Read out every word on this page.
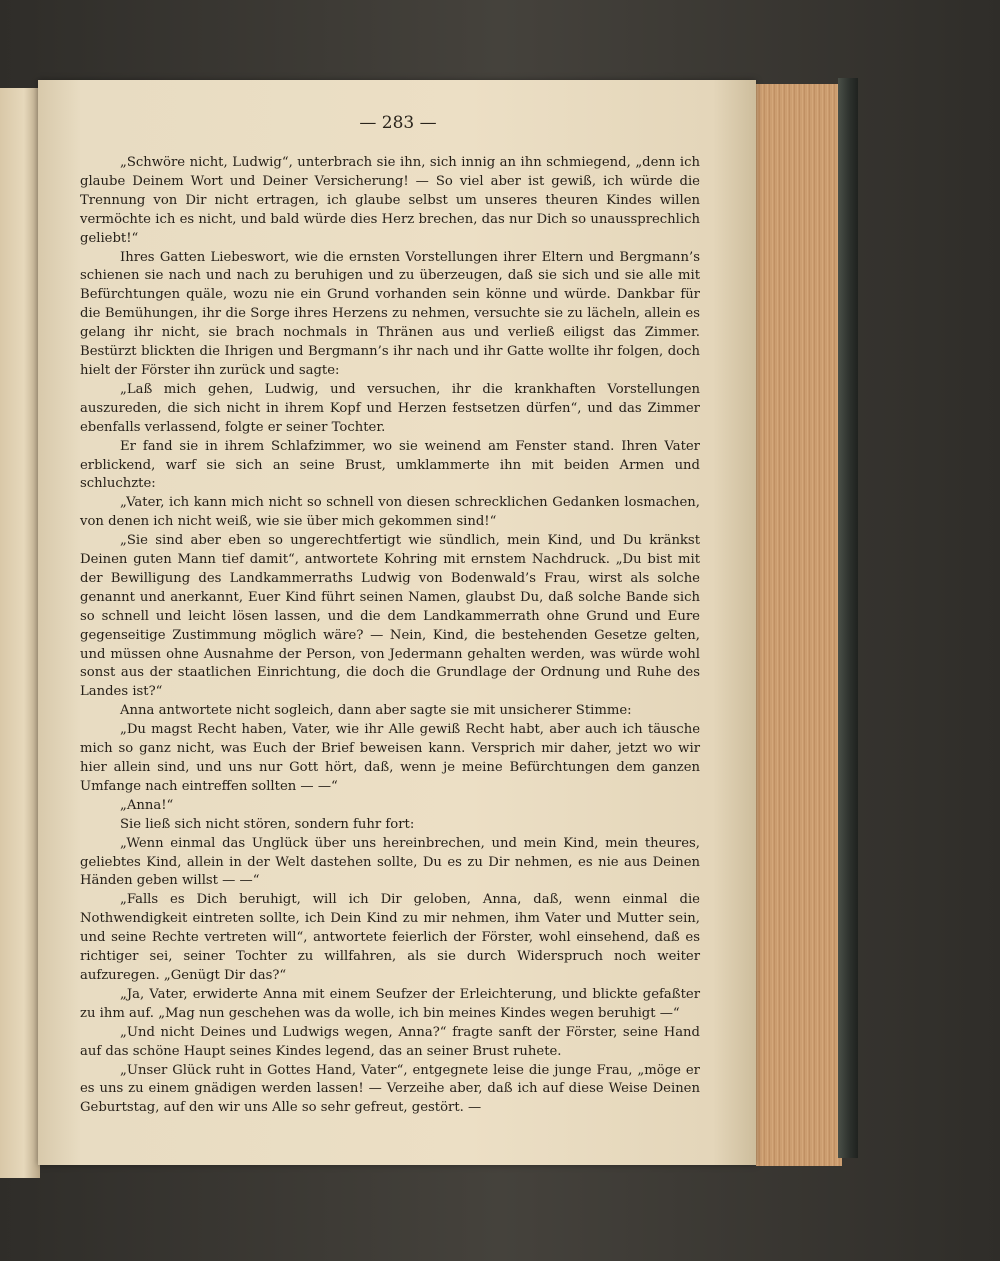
— 283 —

„Schwöre nicht, Ludwig“, unterbrach sie ihn, sich innig an ihn schmiegend, „denn ich glaube Deinem Wort und Deiner Versicherung! — So viel aber ist gewiß, ich würde die Trennung von Dir nicht ertragen, ich glaube selbst um unseres theuren Kindes willen vermöchte ich es nicht, und bald würde dies Herz brechen, das nur Dich so unaussprechlich geliebt!“

Ihres Gatten Liebeswort, wie die ernsten Vorstellungen ihrer Eltern und Bergmann’s schienen sie nach und nach zu beruhigen und zu überzeugen, daß sie sich und sie alle mit Befürchtungen quäle, wozu nie ein Grund vorhanden sein könne und würde. Dankbar für die Bemühungen, ihr die Sorge ihres Herzens zu nehmen, versuchte sie zu lächeln, allein es gelang ihr nicht, sie brach nochmals in Thränen aus und verließ eiligst das Zimmer. Bestürzt blickten die Ihrigen und Bergmann’s ihr nach und ihr Gatte wollte ihr folgen, doch hielt der Förster ihn zurück und sagte:

„Laß mich gehen, Ludwig, und versuchen, ihr die krankhaften Vorstellungen auszureden, die sich nicht in ihrem Kopf und Herzen festsetzen dürfen“, und das Zimmer ebenfalls verlassend, folgte er seiner Tochter.

Er fand sie in ihrem Schlafzimmer, wo sie weinend am Fenster stand. Ihren Vater erblickend, warf sie sich an seine Brust, umklammerte ihn mit beiden Armen und schluchzte:

„Vater, ich kann mich nicht so schnell von diesen schrecklichen Gedanken losmachen, von denen ich nicht weiß, wie sie über mich gekommen sind!“

„Sie sind aber eben so ungerechtfertigt wie sündlich, mein Kind, und Du kränkst Deinen guten Mann tief damit“, antwortete Kohring mit ernstem Nachdruck. „Du bist mit der Bewilligung des Landkammerraths Ludwig von Bodenwald’s Frau, wirst als solche genannt und anerkannt, Euer Kind führt seinen Namen, glaubst Du, daß solche Bande sich so schnell und leicht lösen lassen, und die dem Landkammerrath ohne Grund und Eure gegenseitige Zustimmung möglich wäre? — Nein, Kind, die bestehenden Gesetze gelten, und müssen ohne Ausnahme der Person, von Jedermann gehalten werden, was würde wohl sonst aus der staatlichen Einrichtung, die doch die Grundlage der Ordnung und Ruhe des Landes ist?“

Anna antwortete nicht sogleich, dann aber sagte sie mit unsicherer Stimme:

„Du magst Recht haben, Vater, wie ihr Alle gewiß Recht habt, aber auch ich täusche mich so ganz nicht, was Euch der Brief beweisen kann. Versprich mir daher, jetzt wo wir hier allein sind, und uns nur Gott hört, daß, wenn je meine Befürchtungen dem ganzen Umfange nach eintreffen sollten — —“

„Anna!“

Sie ließ sich nicht stören, sondern fuhr fort:

„Wenn einmal das Unglück über uns hereinbrechen, und mein Kind, mein theures, geliebtes Kind, allein in der Welt dastehen sollte, Du es zu Dir nehmen, es nie aus Deinen Händen geben willst — —“

„Falls es Dich beruhigt, will ich Dir geloben, Anna, daß, wenn einmal die Nothwendigkeit eintreten sollte, ich Dein Kind zu mir nehmen, ihm Vater und Mutter sein, und seine Rechte vertreten will“, antwortete feierlich der Förster, wohl einsehend, daß es richtiger sei, seiner Tochter zu willfahren, als sie durch Widerspruch noch weiter aufzuregen. „Genügt Dir das?“

„Ja, Vater, erwiderte Anna mit einem Seufzer der Erleichterung, und blickte gefaßter zu ihm auf. „Mag nun geschehen was da wolle, ich bin meines Kindes wegen beruhigt —“

„Und nicht Deines und Ludwigs wegen, Anna?“ fragte sanft der Förster, seine Hand auf das schöne Haupt seines Kindes legend, das an seiner Brust ruhete.

„Unser Glück ruht in Gottes Hand, Vater“, entgegnete leise die junge Frau, „möge er es uns zu einem gnädigen werden lassen! — Verzeihe aber, daß ich auf diese Weise Deinen Geburtstag, auf den wir uns Alle so sehr gefreut, gestört. —
